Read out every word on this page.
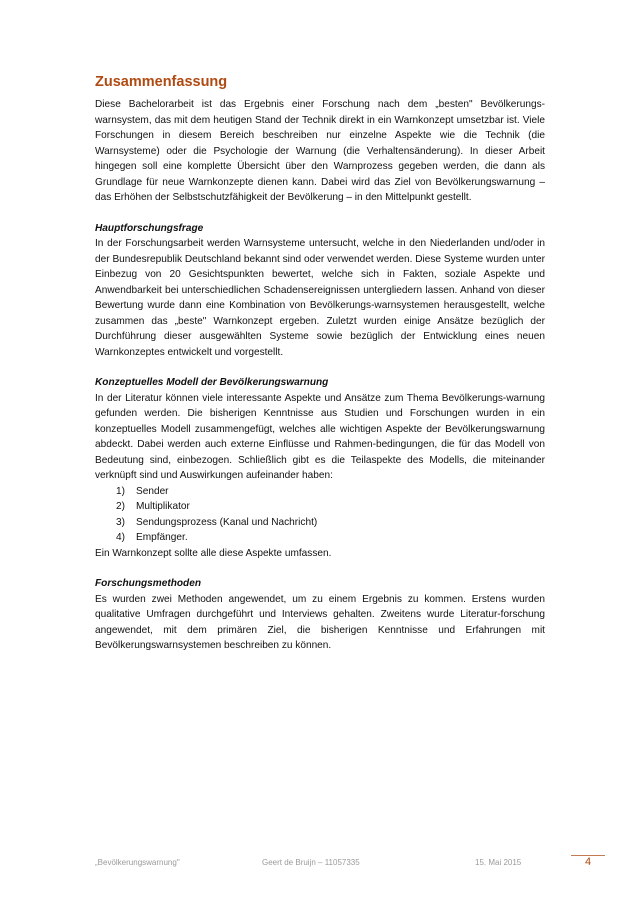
Zusammenfassung

Diese Bachelorarbeit ist das Ergebnis einer Forschung nach dem „besten" Bevölkerungs-warnsystem, das mit dem heutigen Stand der Technik direkt in ein Warnkonzept umsetzbar ist. Viele Forschungen in diesem Bereich beschreiben nur einzelne Aspekte wie die Technik (die Warnsysteme) oder die Psychologie der Warnung (die Verhaltensänderung). In dieser Arbeit hingegen soll eine komplette Übersicht über den Warnprozess gegeben werden, die dann als Grundlage für neue Warnkonzepte dienen kann. Dabei wird das Ziel von Bevölkerungswarnung – das Erhöhen der Selbstschutzfähigkeit der Bevölkerung – in den Mittelpunkt gestellt.

Hauptforschungsfrage

In der Forschungsarbeit werden Warnsysteme untersucht, welche in den Niederlanden und/oder in der Bundesrepublik Deutschland bekannt sind oder verwendet werden. Diese Systeme wurden unter Einbezug von 20 Gesichtspunkten bewertet, welche sich in Fakten, soziale Aspekte und Anwendbarkeit bei unterschiedlichen Schadensereignissen untergliedern lassen. Anhand von dieser Bewertung wurde dann eine Kombination von Bevölkerungs-warnsystemen herausgestellt, welche zusammen das „beste" Warnkonzept ergeben. Zuletzt wurden einige Ansätze bezüglich der Durchführung dieser ausgewählten Systeme sowie bezüglich der Entwicklung eines neuen Warnkonzeptes entwickelt und vorgestellt.

Konzeptuelles Modell der Bevölkerungswarnung

In der Literatur können viele interessante Aspekte und Ansätze zum Thema Bevölkerungs-warnung gefunden werden. Die bisherigen Kenntnisse aus Studien und Forschungen wurden in ein konzeptuelles Modell zusammengefügt, welches alle wichtigen Aspekte der Bevölkerungswarnung abdeckt. Dabei werden auch externe Einflüsse und Rahmen-bedingungen, die für das Modell von Bedeutung sind, einbezogen. Schließlich gibt es die Teilaspekte des Modells, die miteinander verknüpft sind und Auswirkungen aufeinander haben:

1) Sender
2) Multiplikator
3) Sendungsprozess (Kanal und Nachricht)
4) Empfänger.

Ein Warnkonzept sollte alle diese Aspekte umfassen.

Forschungsmethoden

Es wurden zwei Methoden angewendet, um zu einem Ergebnis zu kommen. Erstens wurden qualitative Umfragen durchgeführt und Interviews gehalten. Zweitens wurde Literatur-forschung angewendet, mit dem primären Ziel, die bisherigen Kenntnisse und Erfahrungen mit Bevölkerungswarnsystemen beschreiben zu können.

„Bevölkerungswarnung"	Geert de Bruijn – 11057335	15. Mai 2015	4
